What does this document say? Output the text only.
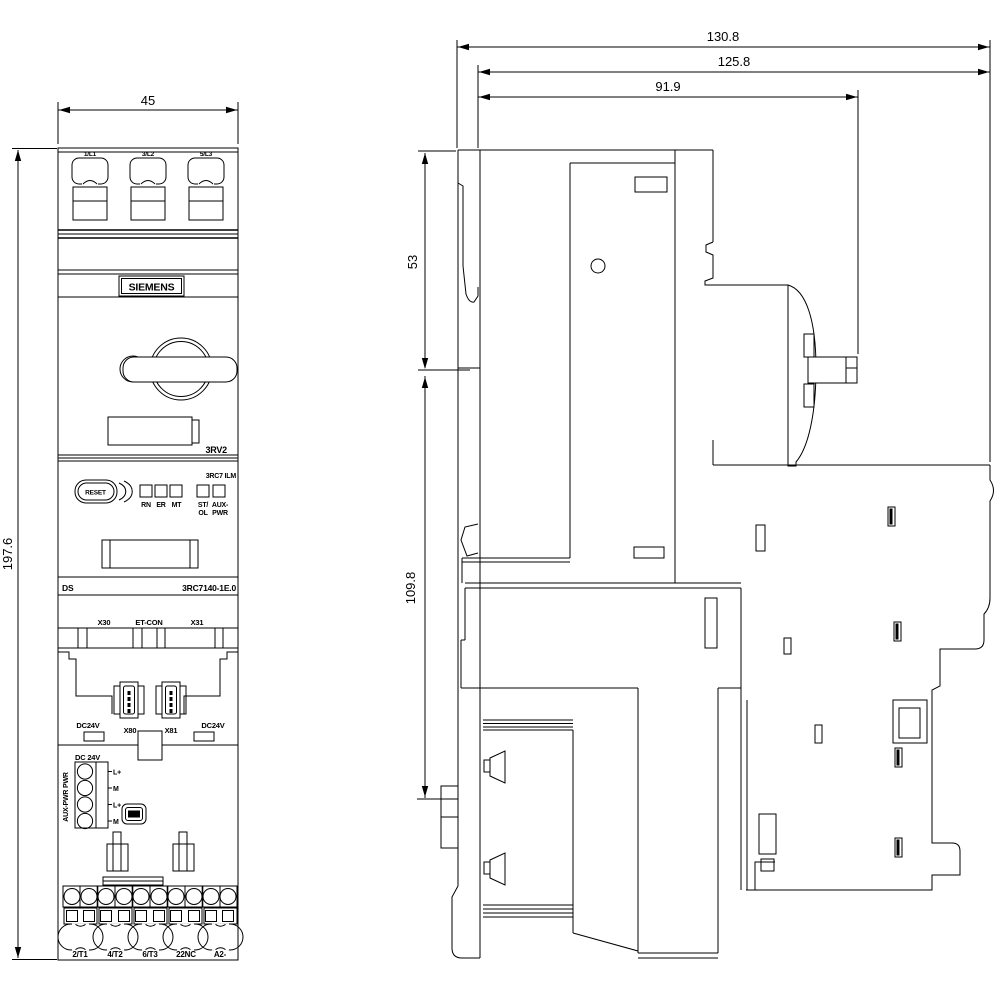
45
197.6
130.8
125.8
91.9
53
109.8
1/L1	3/L2	5/L3
SIEMENS
3RV2
3RC7 ILM
RESET
RN ER MT ST/ AUX-
OL PWR
DS	3RC7140-1E.0
X30	ET-CON	X31
DC24V
X80	X81
DC24V
DC 24V
AUX-PWR PWR	L+
M
L+
M
2/T1 4/T2 6/T3 22NC A2-
